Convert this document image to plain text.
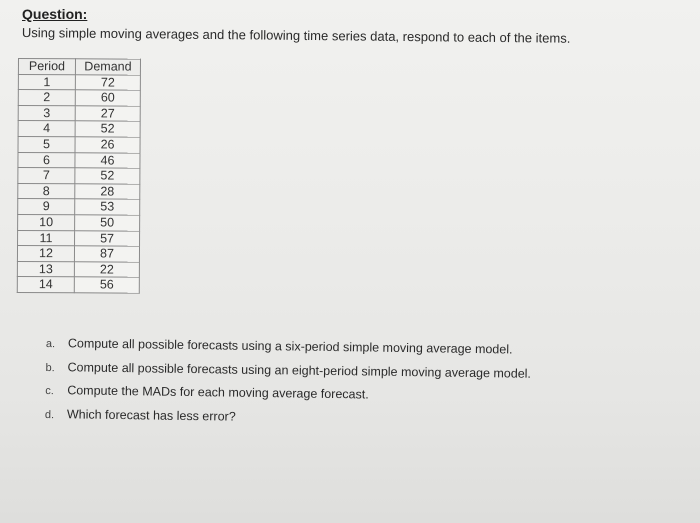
Question:
Using simple moving averages and the following time series data, respond to each of the items.
Period	Demand
1	72
2	60
3	27
4	52
5	26
6	46
7	52
8	28
9	53
10	50
11	57
12	87
13	22
14	56
a. Compute all possible forecasts using a six-period simple moving average model.
b. Compute all possible forecasts using an eight-period simple moving average model.
c. Compute the MADs for each moving average forecast.
d. Which forecast has less error?
